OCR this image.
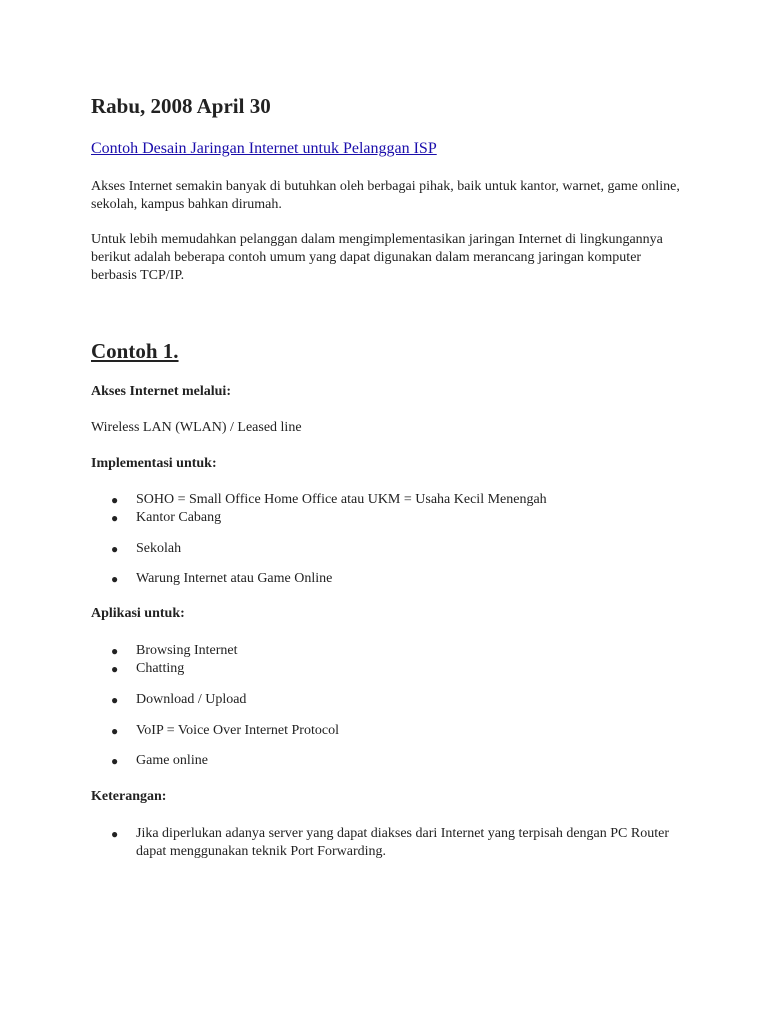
Rabu, 2008 April 30
Contoh Desain Jaringan Internet untuk Pelanggan ISP

Akses Internet semakin banyak di butuhkan oleh berbagai pihak, baik untuk kantor, warnet, game online, sekolah, kampus bahkan dirumah.

Untuk lebih memudahkan pelanggan dalam mengimplementasikan jaringan Internet di lingkungannya berikut adalah beberapa contoh umum yang dapat digunakan dalam merancang jaringan komputer berbasis TCP/IP.

Contoh 1.

Akses Internet melalui:

Wireless LAN (WLAN) / Leased line

Implementasi untuk:

● SOHO = Small Office Home Office atau UKM = Usaha Kecil Menengah
● Kantor Cabang
● Sekolah
● Warung Internet atau Game Online

Aplikasi untuk:

● Browsing Internet
● Chatting
● Download / Upload
● VoIP = Voice Over Internet Protocol
● Game online

Keterangan:

● Jika diperlukan adanya server yang dapat diakses dari Internet yang terpisah dengan PC Router dapat menggunakan teknik Port Forwarding.
